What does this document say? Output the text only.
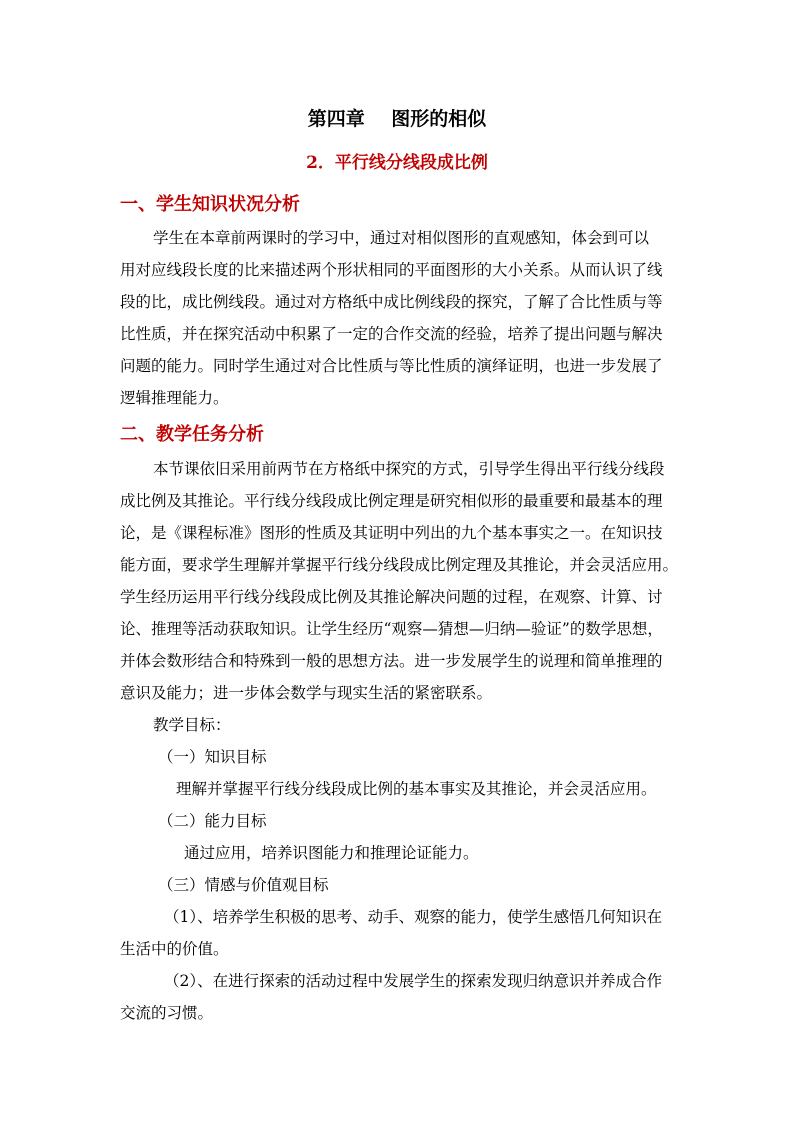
第四章    图形的相似
2．平行线分线段成比例
一、学生知识状况分析
学生在本章前两课时的学习中，通过对相似图形的直观感知，体会到可以
用对应线段长度的比来描述两个形状相同的平面图形的大小关系。从而认识了线
段的比，成比例线段。通过对方格纸中成比例线段的探究，了解了合比性质与等
比性质，并在探究活动中积累了一定的合作交流的经验，培养了提出问题与解决
问题的能力。同时学生通过对合比性质与等比性质的演绎证明，也进一步发展了
逻辑推理能力。
二、教学任务分析
本节课依旧采用前两节在方格纸中探究的方式，引导学生得出平行线分线段
成比例及其推论。平行线分线段成比例定理是研究相似形的最重要和最基本的理
论，是《课程标准》图形的性质及其证明中列出的九个基本事实之一。在知识技
能方面，要求学生理解并掌握平行线分线段成比例定理及其推论，并会灵活应用。
学生经历运用平行线分线段成比例及其推论解决问题的过程，在观察、计算、讨
论、推理等活动获取知识。让学生经历“观察—猜想—归纳—验证”的数学思想，
并体会数形结合和特殊到一般的思想方法。进一步发展学生的说理和简单推理的
意识及能力；进一步体会数学与现实生活的紧密联系。
教学目标：
（一）知识目标
理解并掌握平行线分线段成比例的基本事实及其推论，并会灵活应用。
（二）能力目标
通过应用，培养识图能力和推理论证能力。
（三）情感与价值观目标
（1）、培养学生积极的思考、动手、观察的能力，使学生感悟几何知识在
生活中的价值。
（2）、在进行探索的活动过程中发展学生的探索发现归纳意识并养成合作
交流的习惯。
